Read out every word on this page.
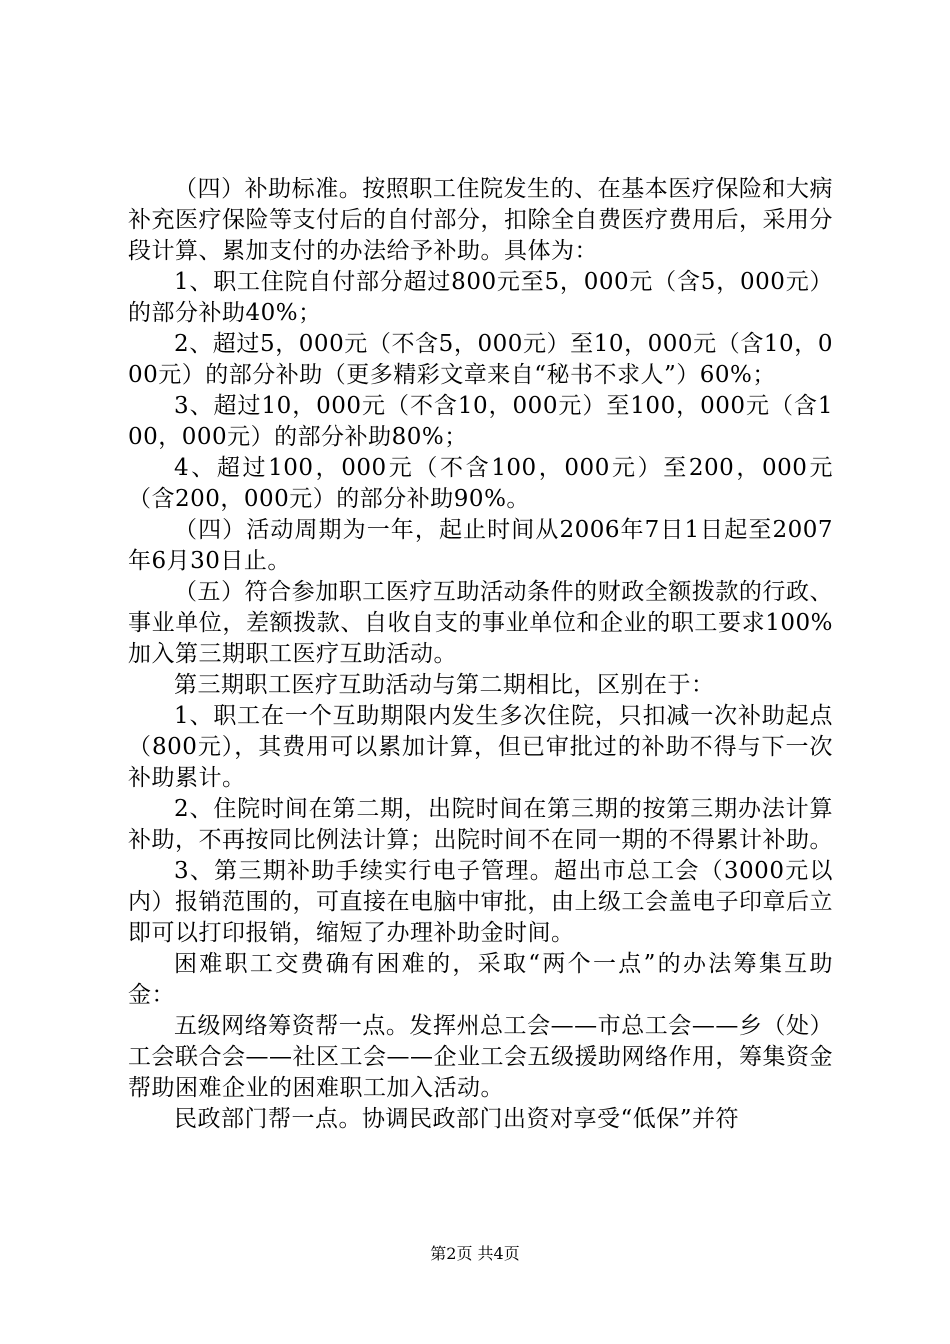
（四）补助标准。按照职工住院发生的、在基本医疗保险和大病补充医疗保险等支付后的自付部分，扣除全自费医疗费用后，采用分段计算、累加支付的办法给予补助。具体为：

1、职工住院自付部分超过800元至5，000元（含5，000元）的部分补助40%；

2、超过5，000元（不含5，000元）至10，000元（含10，000元）的部分补助（更多精彩文章来自“秘书不求人”）60%；

3、超过10，000元（不含10，000元）至100，000元（含100，000元）的部分补助80%；

4、超过100，000元（不含100，000元）至200，000元（含200，000元）的部分补助90%。

（四）活动周期为一年，起止时间从2006年7日1日起至2007年6月30日止。

（五）符合参加职工医疗互助活动条件的财政全额拨款的行政、事业单位，差额拨款、自收自支的事业单位和企业的职工要求100%加入第三期职工医疗互助活动。

第三期职工医疗互助活动与第二期相比，区别在于：

1、职工在一个互助期限内发生多次住院，只扣减一次补助起点（800元），其费用可以累加计算，但已审批过的补助不得与下一次补助累计。

2、住院时间在第二期，出院时间在第三期的按第三期办法计算补助，不再按同比例法计算；出院时间不在同一期的不得累计补助。

3、第三期补助手续实行电子管理。超出市总工会（3000元以内）报销范围的，可直接在电脑中审批，由上级工会盖电子印章后立即可以打印报销，缩短了办理补助金时间。

困难职工交费确有困难的，采取“两个一点”的办法筹集互助金：

五级网络筹资帮一点。发挥州总工会——市总工会——乡（处）工会联合会——社区工会——企业工会五级援助网络作用，筹集资金帮助困难企业的困难职工加入活动。

民政部门帮一点。协调民政部门出资对享受“低保”并符

第2页 共4页
